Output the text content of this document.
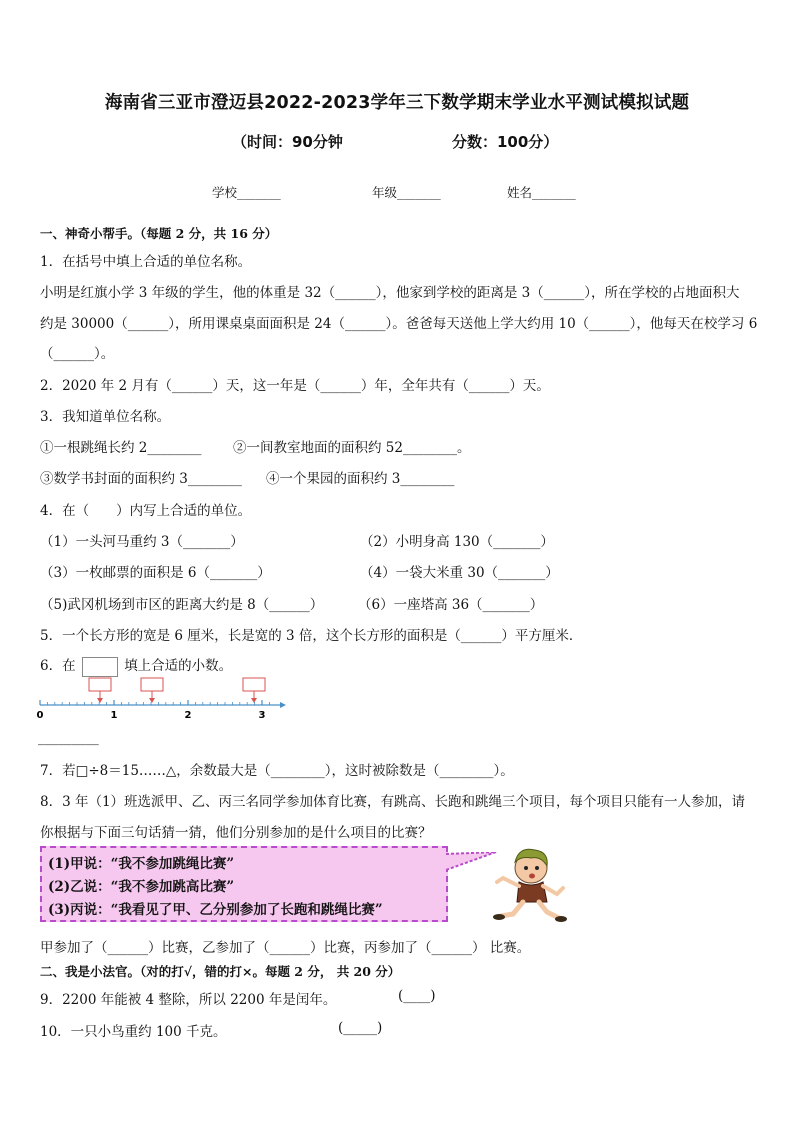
海南省三亚市澄迈县2022-2023学年三下数学期末学业水平测试模拟试题
（时间：90分钟	分数：100分）
学校_______	年级_______	姓名_______
一、神奇小帮手。（每题 2 分，共 16 分）
1．在括号中填上合适的单位名称。
小明是红旗小学 3 年级的学生，他的体重是 32（______），他家到学校的距离是 3（______），所在学校的占地面积大
约是 30000（______），所用课桌桌面面积是 24（______）。爸爸每天送他上学大约用 10（______），他每天在校学习 6
（______）。
2．2020 年 2 月有（______）天，这一年是（______）年，全年共有（______）天。
3．我知道单位名称。
①一根跳绳长约 2________ ②一间教室地面的面积约 52________。
③数学书封面的面积约 3________ ④一个果园的面积约 3________
4．在（　　）内写上合适的单位。
（1）一头河马重约 3（_______）	（2）小明身高 130（_______）
（3）一枚邮票的面积是 6（_______）	（4）一袋大米重 30（_______）
（5)武冈机场到市区的距离大约是 8（______）	（6）一座塔高 36（_______）
5．一个长方形的宽是 6 厘米，长是宽的 3 倍，这个长方形的面积是（______）平方厘米．
6．在	填上合适的小数。
0	1	2	3
_________
7．若□÷8＝15……△，余数最大是（________），这时被除数是（________）。
8．3 年（1）班选派甲、乙、丙三名同学参加体育比赛，有跳高、长跑和跳绳三个项目，每个项目只能有一人参加，请
你根据与下面三句话猜一猜，他们分别参加的是什么项目的比赛？
(1)甲说：“我不参加跳绳比赛”
(2)乙说：“我不参加跳高比赛”
(3)丙说：“我看见了甲、乙分别参加了长跑和跳绳比赛”
甲参加了（______）比赛，乙参加了（______）比赛，丙参加了（______） 比赛。
二、我是小法官。（对的打√，错的打×。每题 2 分， 共 20 分）
9．2200 年能被 4 整除，所以 2200 年是闰年。	(____)
10．一只小鸟重约 100 千克。	(_____)
